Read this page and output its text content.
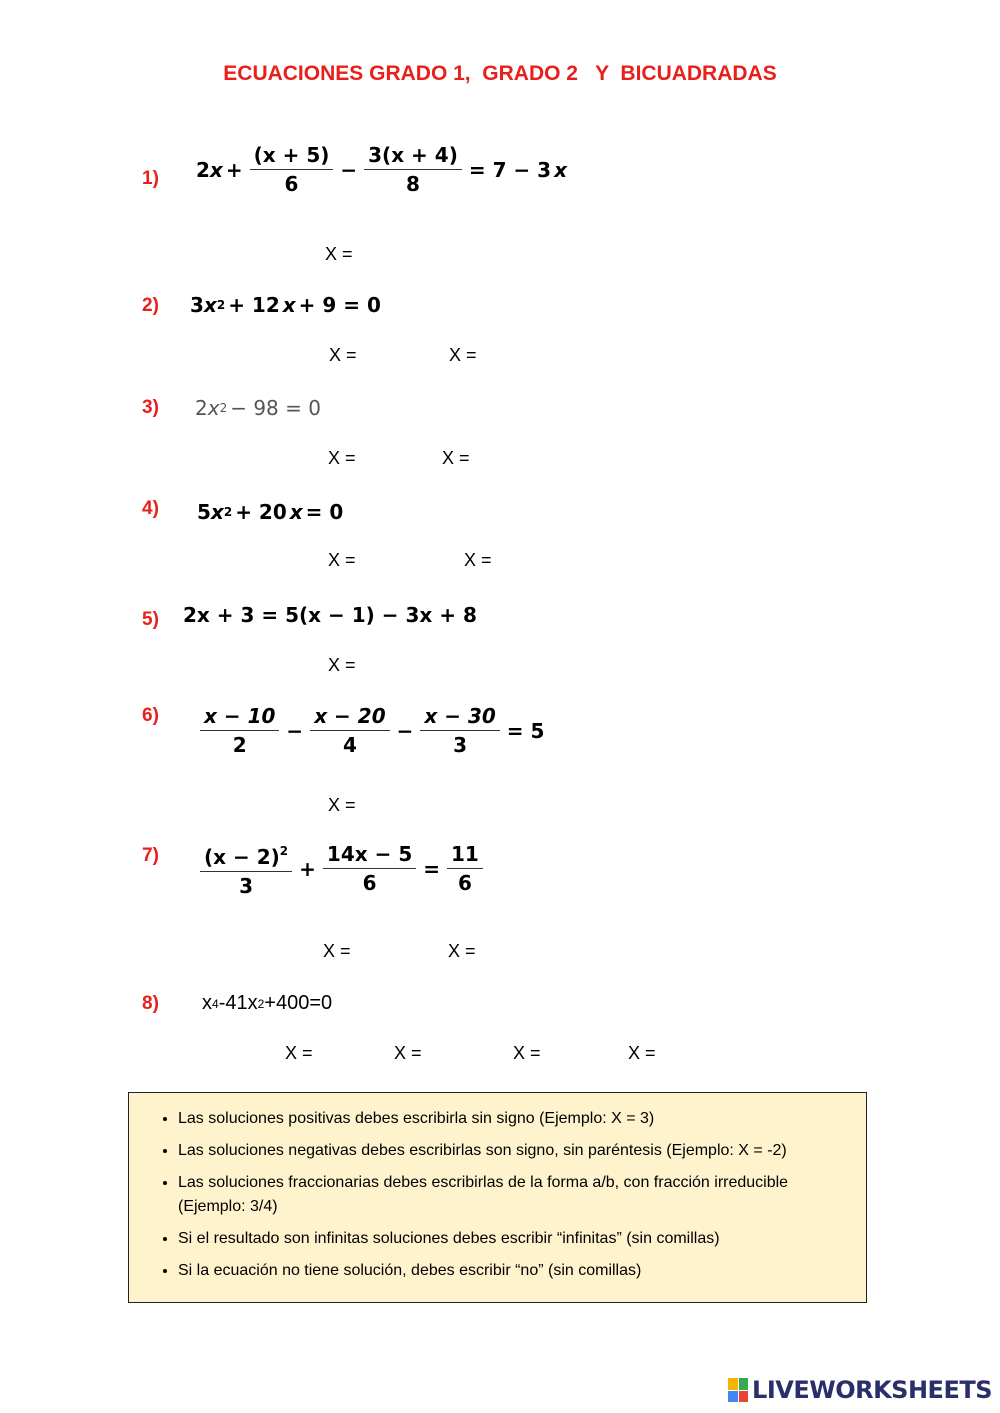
ECUACIONES GRADO 1,  GRADO 2   Y  BICUADRADAS
1) 2 $x + \frac{(x + 5)}{6} - \frac{3(x + 4)}{8} = 7 - 3$ x
X =
2) 3 x 2 + 12 x + 9 = 0
X =	X =
3) 2 x 2 − 98 = 0
X =	X =
4) 5 x 2 + 20 x = 0
X =	X =
5) 2x + 3 = 5(x − 1) − 3x + 8
X =
$6) \frac{x - 10}{2} - \frac{x - 20}{4} - \frac{x - 30}{3} = 5$
X =
$7) \frac{(x - 2)^2}{3} + \frac{14x - 5}{6} = \frac{11}{6}$
X =	X =
8) x 4 -41x 2 +400=0
X =	X =	X =	X =
• Las soluciones positivas debes escribirla sin signo (Ejemplo: X = 3)
• Las soluciones negativas debes escribirlas son signo, sin paréntesis (Ejemplo: X = -2)
• Las soluciones fraccionarias debes escribirlas de la forma a/b, con fracción irreducible (Ejemplo: 3/4)
• Si el resultado son infinitas soluciones debes escribir “infinitas” (sin comillas)
• Si la ecuación no tiene solución, debes escribir “no” (sin comillas)
LIVEWORKSHEETS
